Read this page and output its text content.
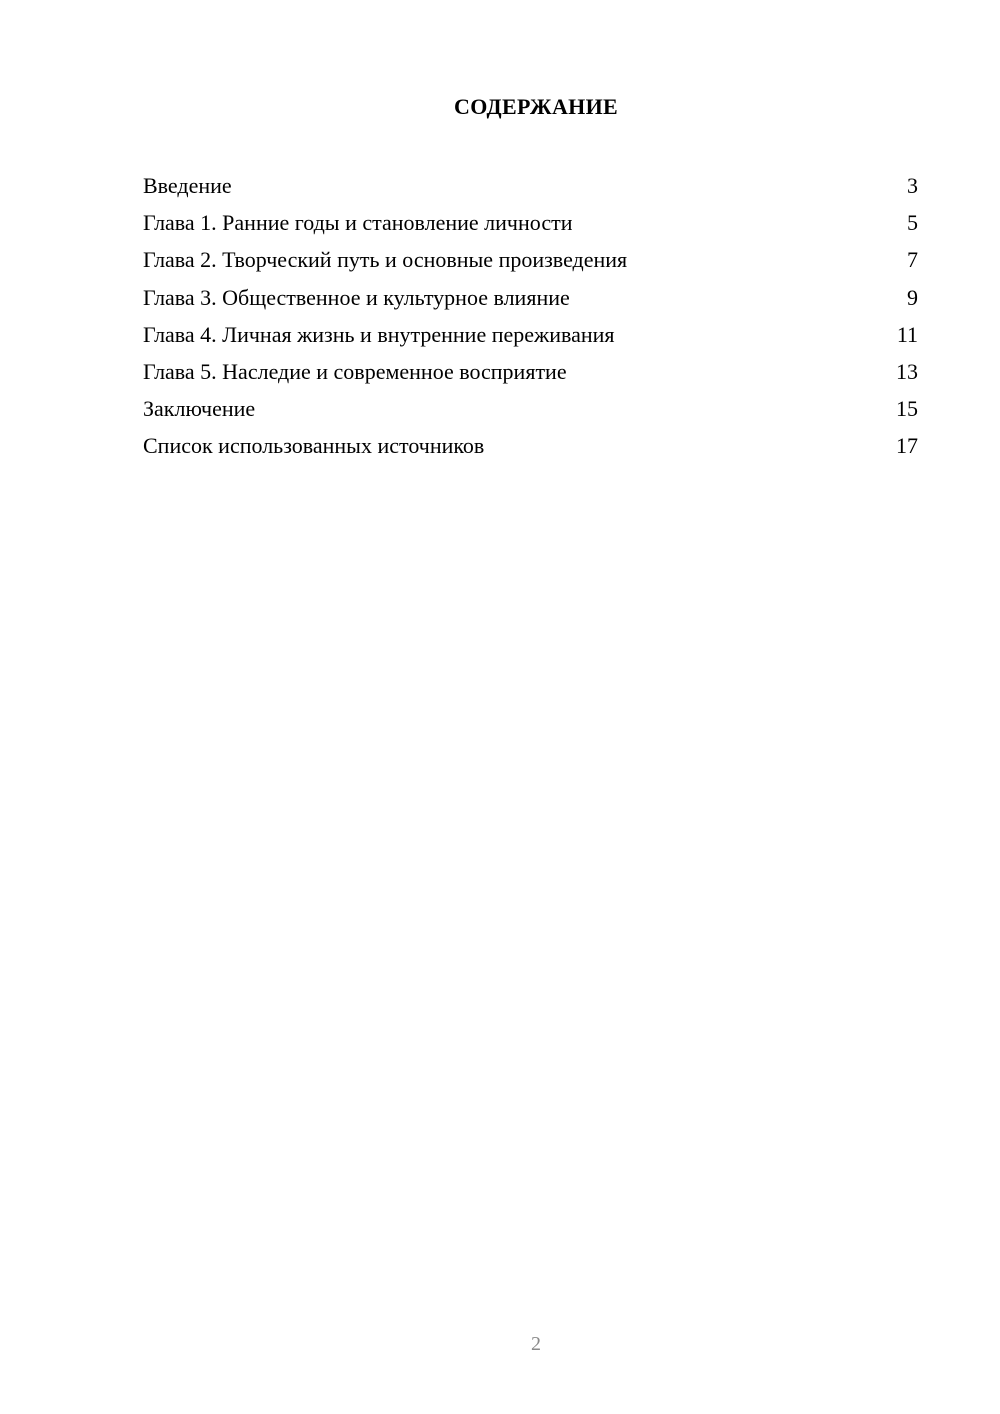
СОДЕРЖАНИЕ
Введение	3
Глава 1. Ранние годы и становление личности	5
Глава 2. Творческий путь и основные произведения	7
Глава 3. Общественное и культурное влияние	9
Глава 4. Личная жизнь и внутренние переживания	11
Глава 5. Наследие и современное восприятие	13
Заключение	15
Список использованных источников	17
2
